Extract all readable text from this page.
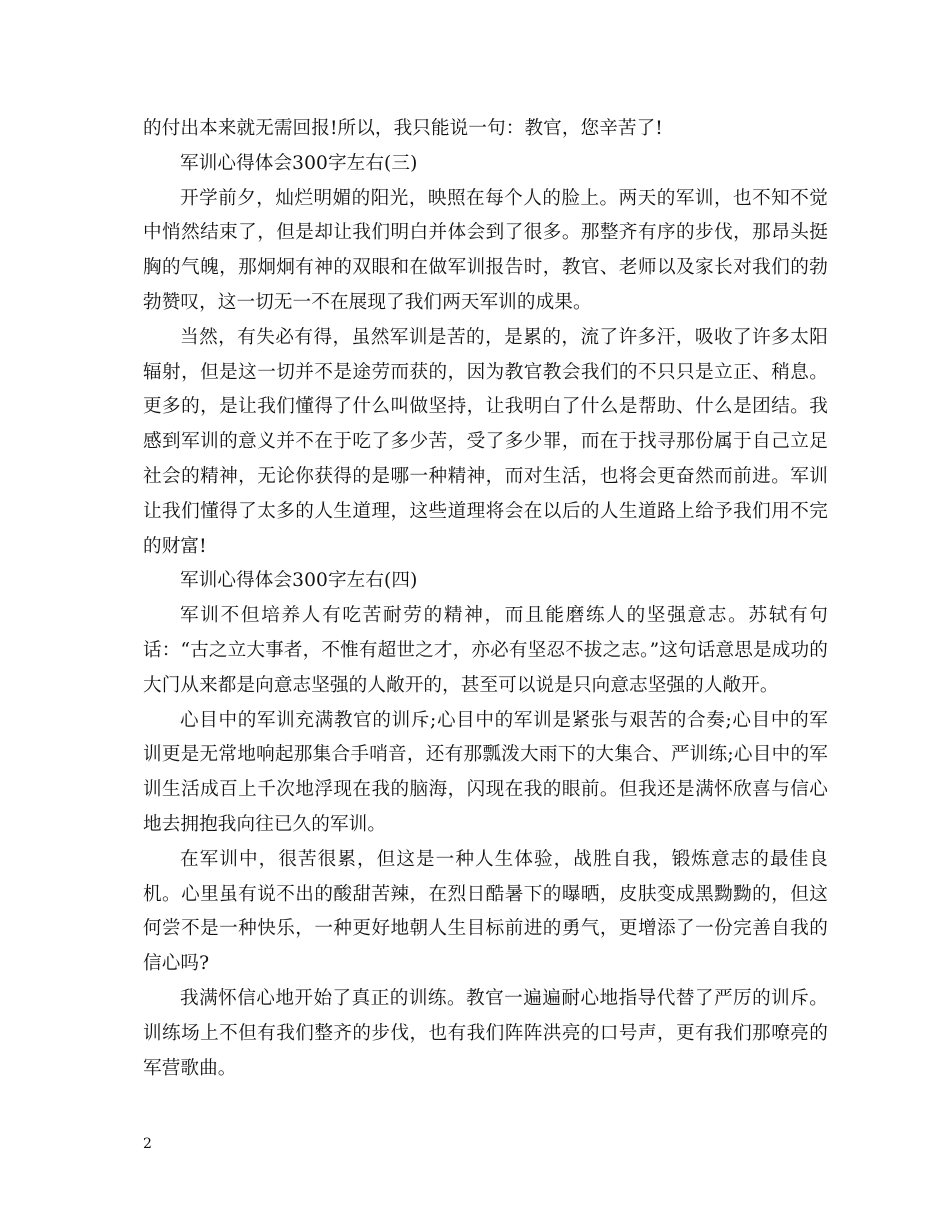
的付出本来就无需回报!所以，我只能说一句：教官，您辛苦了!

军训心得体会300字左右(三)

开学前夕，灿烂明媚的阳光，映照在每个人的脸上。两天的军训，也不知不觉中悄然结束了，但是却让我们明白并体会到了很多。那整齐有序的步伐，那昂头挺胸的气魄，那炯炯有神的双眼和在做军训报告时，教官、老师以及家长对我们的勃勃赞叹，这一切无一不在展现了我们两天军训的成果。

当然，有失必有得，虽然军训是苦的，是累的，流了许多汗，吸收了许多太阳辐射，但是这一切并不是途劳而获的，因为教官教会我们的不只只是立正、稍息。更多的，是让我们懂得了什么叫做坚持，让我明白了什么是帮助、什么是团结。我感到军训的意义并不在于吃了多少苦，受了多少罪，而在于找寻那份属于自己立足社会的精神，无论你获得的是哪一种精神，而对生活，也将会更奋然而前进。军训让我们懂得了太多的人生道理，这些道理将会在以后的人生道路上给予我们用不完的财富!

军训心得体会300字左右(四)

军训不但培养人有吃苦耐劳的精神，而且能磨练人的坚强意志。苏轼有句话：“古之立大事者，不惟有超世之才，亦必有坚忍不拔之志。”这句话意思是成功的大门从来都是向意志坚强的人敞开的，甚至可以说是只向意志坚强的人敞开。

心目中的军训充满教官的训斥;心目中的军训是紧张与艰苦的合奏;心目中的军训更是无常地响起那集合手哨音，还有那瓢泼大雨下的大集合、严训练;心目中的军训生活成百上千次地浮现在我的脑海，闪现在我的眼前。但我还是满怀欣喜与信心地去拥抱我向往已久的军训。

在军训中，很苦很累，但这是一种人生体验，战胜自我，锻炼意志的最佳良机。心里虽有说不出的酸甜苦辣，在烈日酷暑下的曝晒，皮肤变成黑黝黝的，但这何尝不是一种快乐，一种更好地朝人生目标前进的勇气，更增添了一份完善自我的信心吗?

我满怀信心地开始了真正的训练。教官一遍遍耐心地指导代替了严厉的训斥。训练场上不但有我们整齐的步伐，也有我们阵阵洪亮的口号声，更有我们那嘹亮的军营歌曲。

2
